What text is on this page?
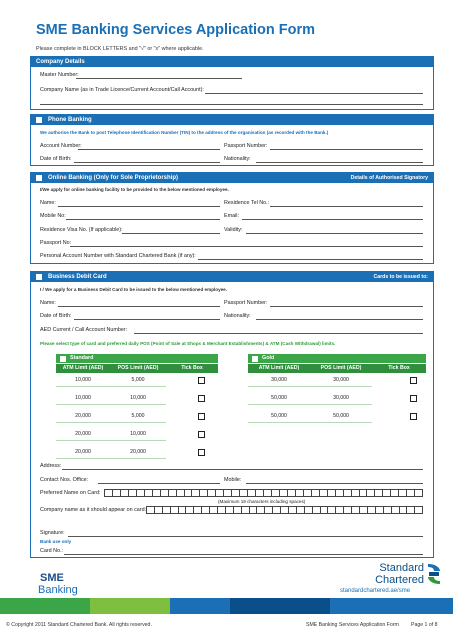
SME Banking Services Application Form
Please complete in BLOCK LETTERS and "√" or "x" where applicable.
Company Details
Master Number:
Company Name (as in Trade Licence/Current Account/Call Account):
Phone Banking
We authorise the Bank to post Telephone Identification Number (TIN) to the address of the organisation (as recorded with the Bank.)
Account Number:	Passport Number:
Date of Birth:	Nationality:
Online Banking (Only for Sole Proprietorship)	Details of Authorised Signatory
I/We apply for online banking facility to be provided to the below mentioned employee.
Name:	Residence Tel No.:
Mobile No:	Email:
Residence Visa No. (If applicable):	Validity:
Passport No:
Personal Account Number with Standard Chartered Bank (if any):
Business Debit Card	Cards to be issued to:
I / We apply for a Business Debit Card to be issued to the below mentioned employee.
Name:	Passport Number:
Date of Birth:	Nationality:
AED Current / Call Account Number:
Please select type of card and preferred daily POS (Point of Sale at Shops & Merchant Establishments) & ATM (Cash Withdrawal) limits.
Standard
ATM Limit (AED)	POS Limit (AED)	Tick Box
10,000	5,000
10,000	10,000
20,000	5,000
20,000	10,000
20,000	20,000
Gold
ATM Limit (AED)	POS Limit (AED)	Tick Box
30,000	30,000
50,000	30,000
50,000	50,000
Address:
Contact Nos. Office:	Mobile:
Preferred Name on Card:
(Maximum 19 characters including spaces)
Company name as it should appear on card:
Signature:
Bank use only
Card No.:
SME
Banking
Standard
Chartered
standardchartered.ae/sme
© Copyright 2011 Standard Chartered Bank. All rights reserved.	SME Banking Services Application Form Page 1 of 8
